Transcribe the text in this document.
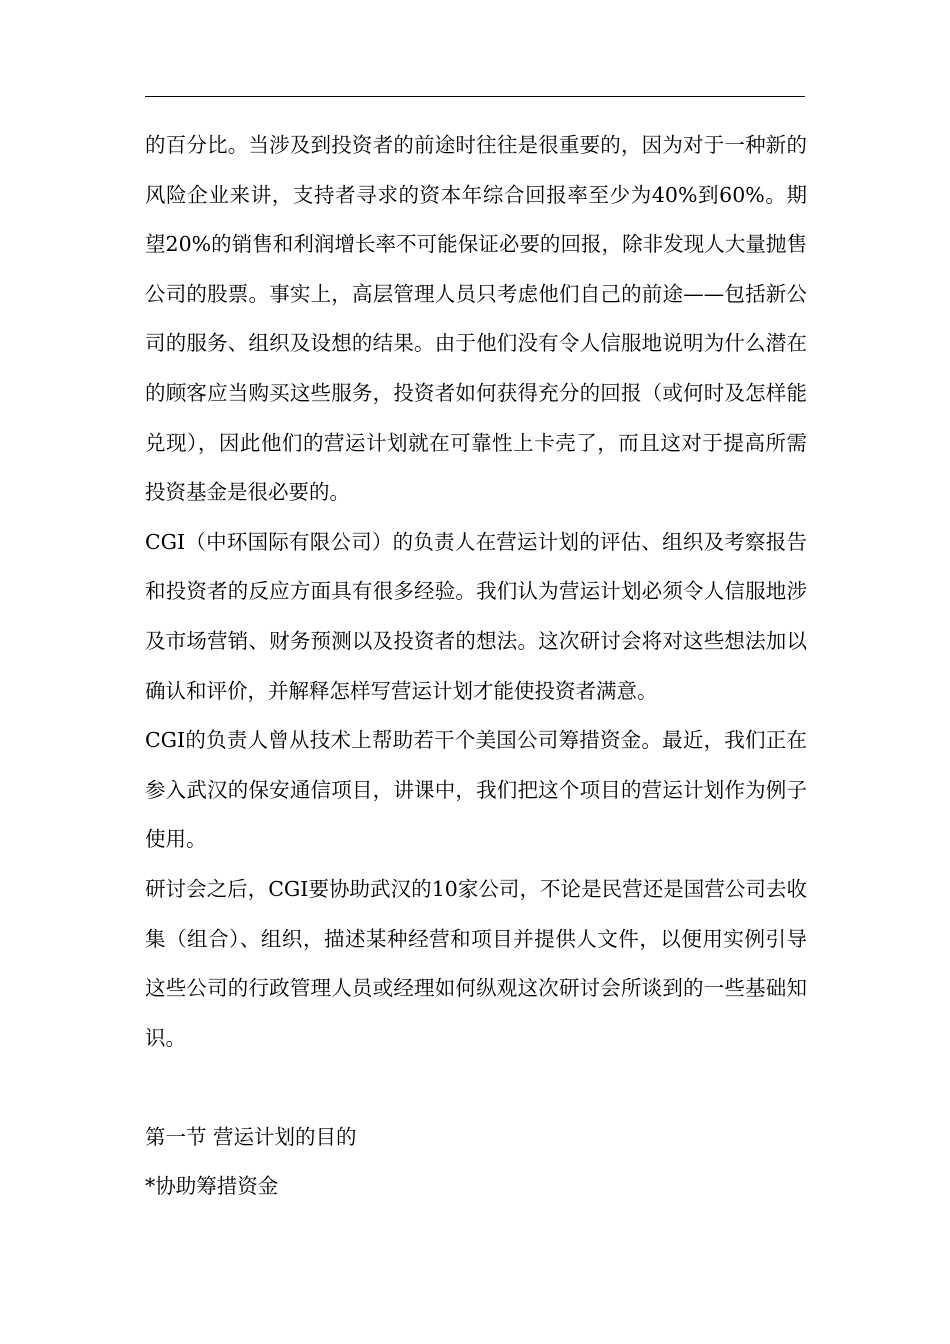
的百分比。当涉及到投资者的前途时往往是很重要的，因为对于一种新的风险企业来讲，支持者寻求的资本年综合回报率至少为40%到60%。期望20%的销售和利润增长率不可能保证必要的回报，除非发现人大量抛售公司的股票。事实上，高层管理人员只考虑他们自己的前途——包括新公司的服务、组织及设想的结果。由于他们没有令人信服地说明为什么潜在的顾客应当购买这些服务，投资者如何获得充分的回报（或何时及怎样能兑现），因此他们的营运计划就在可靠性上卡壳了，而且这对于提高所需投资基金是很必要的。

CGI（中环国际有限公司）的负责人在营运计划的评估、组织及考察报告和投资者的反应方面具有很多经验。我们认为营运计划必须令人信服地涉及市场营销、财务预测以及投资者的想法。这次研讨会将对这些想法加以确认和评价，并解释怎样写营运计划才能使投资者满意。

CGI的负责人曾从技术上帮助若干个美国公司筹措资金。最近，我们正在参入武汉的保安通信项目，讲课中，我们把这个项目的营运计划作为例子使用。

研讨会之后，CGI要协助武汉的10家公司，不论是民营还是国营公司去收集（组合）、组织，描述某种经营和项目并提供人文件，以便用实例引导这些公司的行政管理人员或经理如何纵观这次研讨会所谈到的一些基础知识。

第一节 营运计划的目的

*协助筹措资金
